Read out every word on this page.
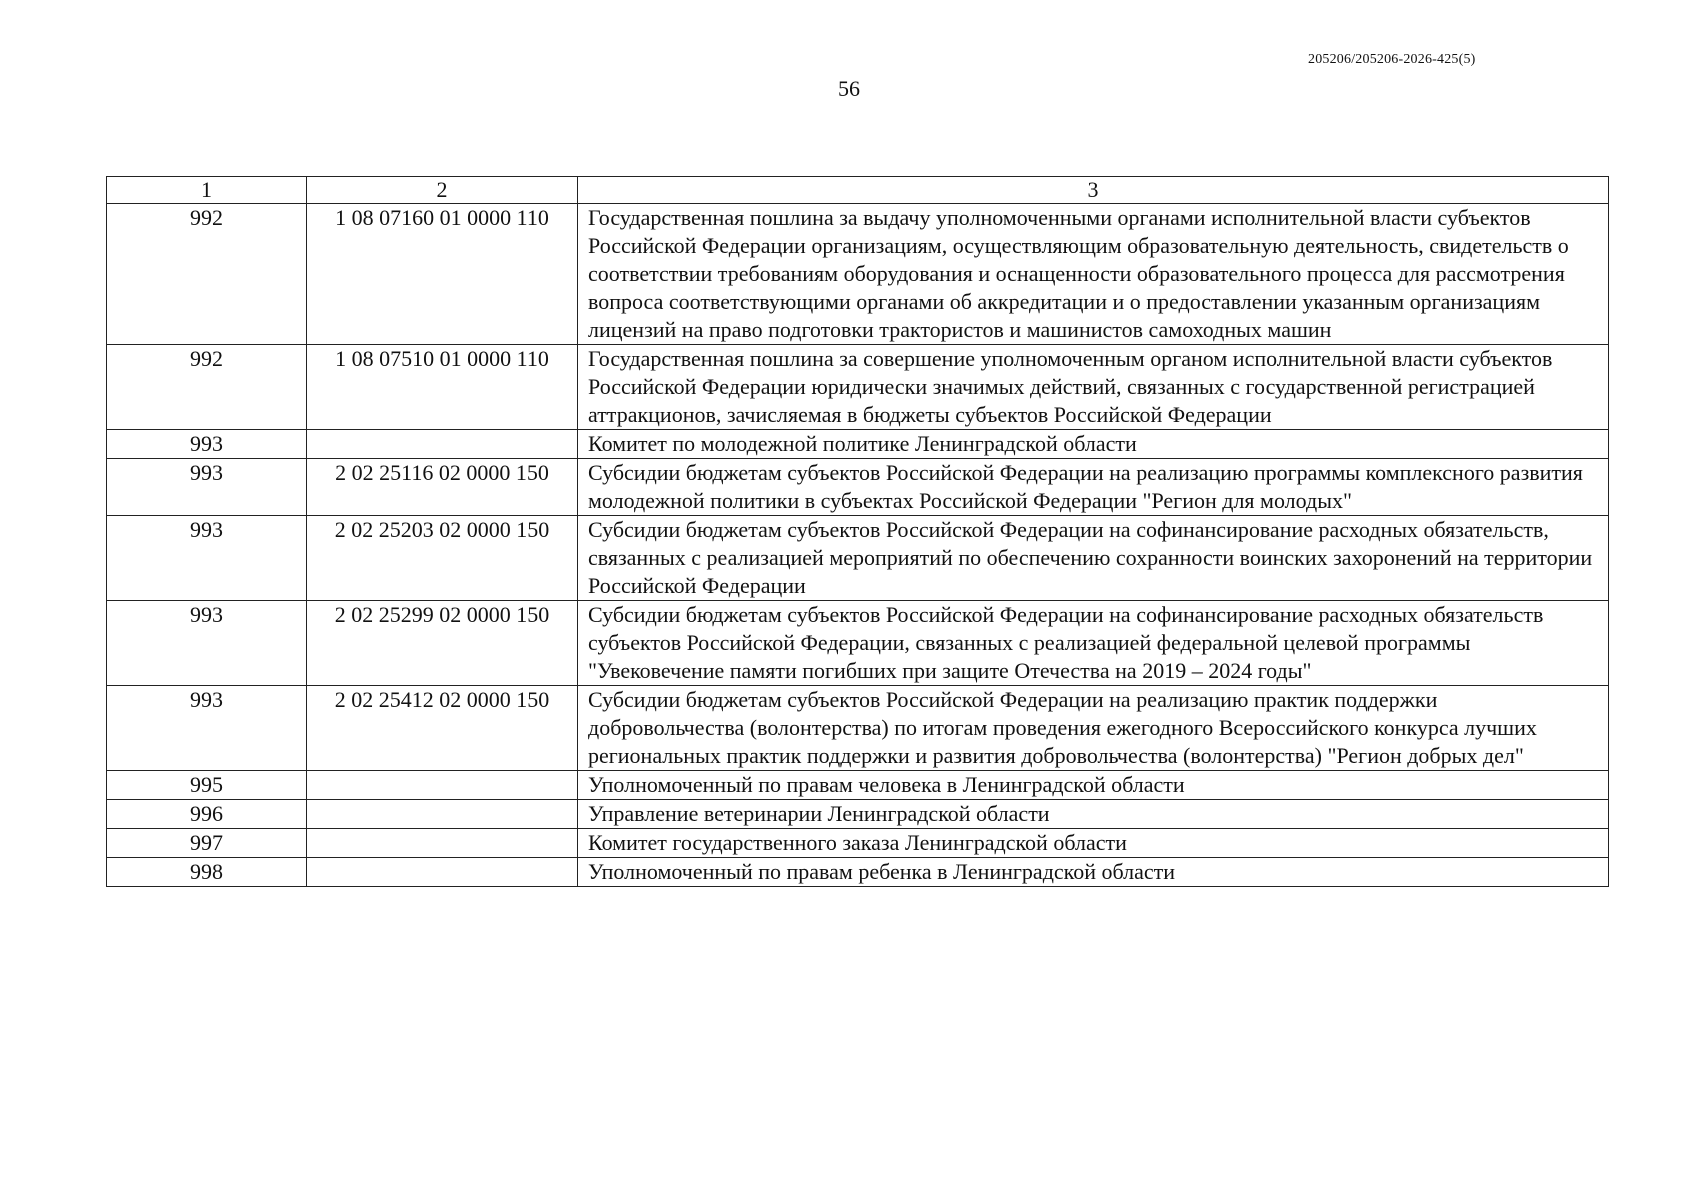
205206/205206-2026-425(5)
56
1	2	3
992	1 08 07160 01 0000 110	Государственная пошлина за выдачу уполномоченными органами исполнительной власти субъектов Российской Федерации организациям, осуществляющим образовательную деятельность, свидетельств о соответствии требованиям оборудования и оснащенности образовательного процесса для рассмотрения вопроса соответствующими органами об аккредитации и о предоставлении указанным организациям лицензий на право подготовки трактористов и машинистов самоходных машин
992	1 08 07510 01 0000 110	Государственная пошлина за совершение уполномоченным органом исполнительной власти субъектов Российской Федерации юридически значимых действий, связанных с государственной регистрацией аттракционов, зачисляемая в бюджеты субъектов Российской Федерации
993		Комитет по молодежной политике Ленинградской области
993	2 02 25116 02 0000 150	Субсидии бюджетам субъектов Российской Федерации на реализацию программы комплексного развития молодежной политики в субъектах Российской Федерации "Регион для молодых"
993	2 02 25203 02 0000 150	Субсидии бюджетам субъектов Российской Федерации на софинансирование расходных обязательств, связанных с реализацией мероприятий по обеспечению сохранности воинских захоронений на территории Российской Федерации
993	2 02 25299 02 0000 150	Субсидии бюджетам субъектов Российской Федерации на софинансирование расходных обязательств субъектов Российской Федерации, связанных с реализацией федеральной целевой программы "Увековечение памяти погибших при защите Отечества на 2019 – 2024 годы"
993	2 02 25412 02 0000 150	Субсидии бюджетам субъектов Российской Федерации на реализацию практик поддержки добровольчества (волонтерства) по итогам проведения ежегодного Всероссийского конкурса лучших региональных практик поддержки и развития добровольчества (волонтерства) "Регион добрых дел"
995		Уполномоченный по правам человека в Ленинградской области
996		Управление ветеринарии Ленинградской области
997		Комитет государственного заказа Ленинградской области
998		Уполномоченный по правам ребенка в Ленинградской области
